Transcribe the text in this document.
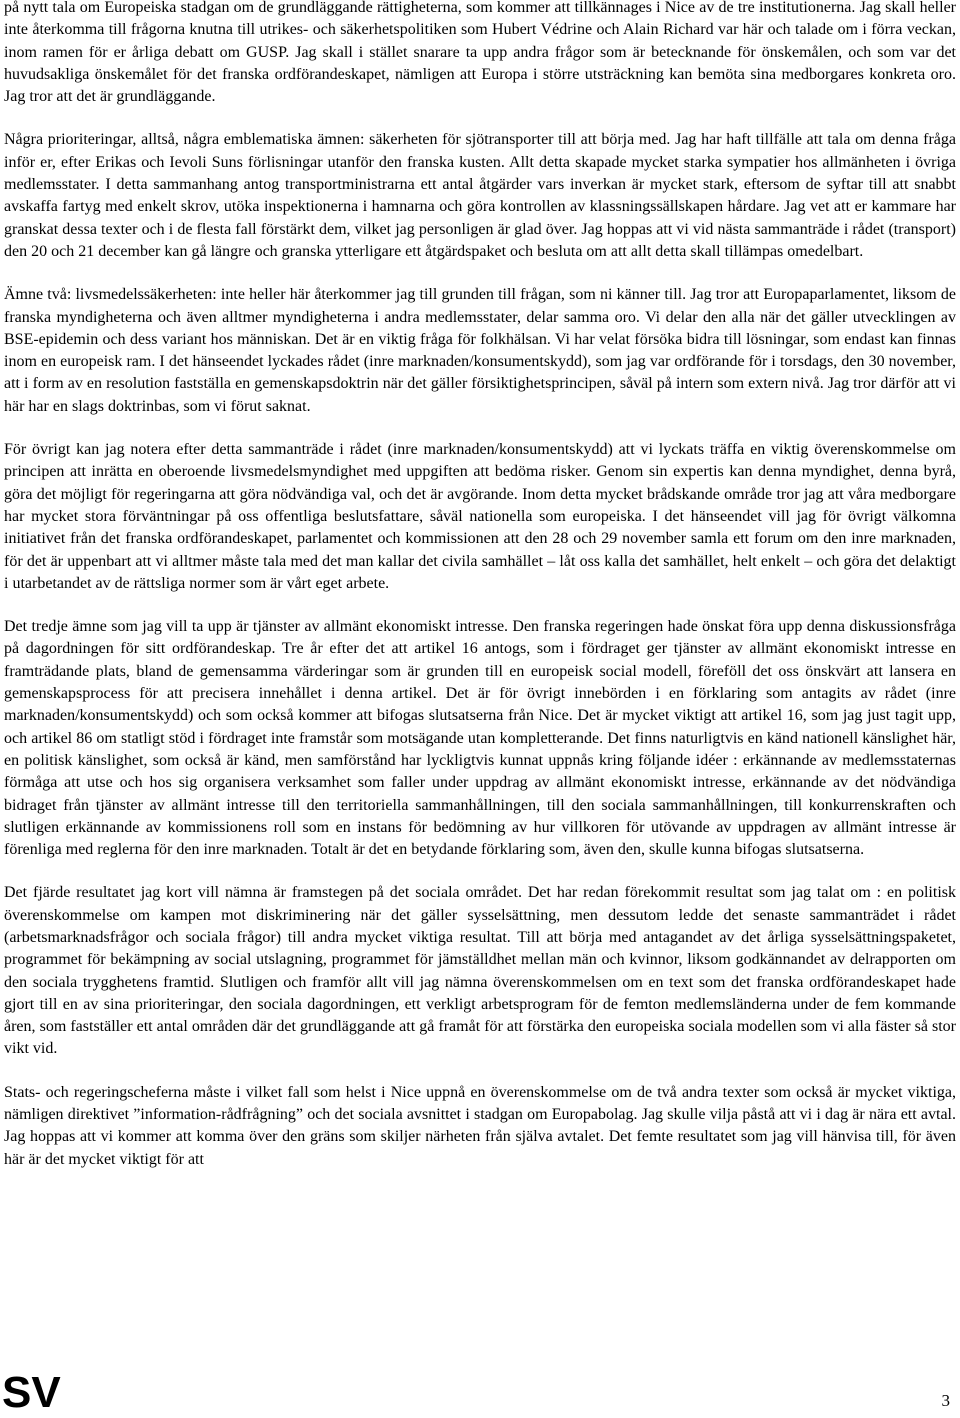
på nytt tala om Europeiska stadgan om de grundläggande rättigheterna, som kommer att tillkännages i Nice av de tre institutionerna. Jag skall heller inte återkomma till frågorna knutna till utrikes- och säkerhetspolitiken som Hubert Védrine och Alain Richard var här och talade om i förra veckan, inom ramen för er årliga debatt om GUSP. Jag skall i stället snarare ta upp andra frågor som är betecknande för önskemålen, och som var det huvudsakliga önskemålet för det franska ordförandeskapet, nämligen att Europa i större utsträckning kan bemöta sina medborgares konkreta oro. Jag tror att det är grundläggande.

Några prioriteringar, alltså, några emblematiska ämnen: säkerheten för sjötransporter till att börja med. Jag har haft tillfälle att tala om denna fråga inför er, efter Erikas och Ievoli Suns förlisningar utanför den franska kusten. Allt detta skapade mycket starka sympatier hos allmänheten i övriga medlemsstater. I detta sammanhang antog transportministrarna ett antal åtgärder vars inverkan är mycket stark, eftersom de syftar till att snabbt avskaffa fartyg med enkelt skrov, utöka inspektionerna i hamnarna och göra kontrollen av klassningssällskapen hårdare. Jag vet att er kammare har granskat dessa texter och i de flesta fall förstärkt dem, vilket jag personligen är glad över. Jag hoppas att vi vid nästa sammanträde i rådet (transport) den 20 och 21 december kan gå längre och granska ytterligare ett åtgärdspaket och besluta om att allt detta skall tillämpas omedelbart.

Ämne två: livsmedelssäkerheten: inte heller här återkommer jag till grunden till frågan, som ni känner till. Jag tror att Europaparlamentet, liksom de franska myndigheterna och även alltmer myndigheterna i andra medlemsstater, delar samma oro. Vi delar den alla när det gäller utvecklingen av BSE-epidemin och dess variant hos människan. Det är en viktig fråga för folkhälsan. Vi har velat försöka bidra till lösningar, som endast kan finnas inom en europeisk ram. I det hänseendet lyckades rådet (inre marknaden/konsumentskydd), som jag var ordförande för i torsdags, den 30 november, att i form av en resolution fastställa en gemenskapsdoktrin när det gäller försiktighetsprincipen, såväl på intern som extern nivå. Jag tror därför att vi här har en slags doktrinbas, som vi förut saknat.

För övrigt kan jag notera efter detta sammanträde i rådet (inre marknaden/konsumentskydd) att vi lyckats träffa en viktig överenskommelse om principen att inrätta en oberoende livsmedelsmyndighet med uppgiften att bedöma risker. Genom sin expertis kan denna myndighet, denna byrå, göra det möjligt för regeringarna att göra nödvändiga val, och det är avgörande. Inom detta mycket brådskande område tror jag att våra medborgare har mycket stora förväntningar på oss offentliga beslutsfattare, såväl nationella som europeiska. I det hänseendet vill jag för övrigt välkomna initiativet från det franska ordförandeskapet, parlamentet och kommissionen att den 28 och 29 november samla ett forum om den inre marknaden, för det är uppenbart att vi alltmer måste tala med det man kallar det civila samhället – låt oss kalla det samhället, helt enkelt – och göra det delaktigt i utarbetandet av de rättsliga normer som är vårt eget arbete.

Det tredje ämne som jag vill ta upp är tjänster av allmänt ekonomiskt intresse. Den franska regeringen hade önskat föra upp denna diskussionsfråga på dagordningen för sitt ordförandeskap. Tre år efter det att artikel 16 antogs, som i fördraget ger tjänster av allmänt ekonomiskt intresse en framträdande plats, bland de gemensamma värderingar som är grunden till en europeisk social modell, föreföll det oss önskvärt att lansera en gemenskapsprocess för att precisera innehållet i denna artikel. Det är för övrigt innebörden i en förklaring som antagits av rådet (inre marknaden/konsumentskydd) och som också kommer att bifogas slutsatserna från Nice. Det är mycket viktigt att artikel 16, som jag just tagit upp, och artikel 86 om statligt stöd i fördraget inte framstår som motsägande utan kompletterande. Det finns naturligtvis en känd nationell känslighet här, en politisk känslighet, som också är känd, men samförstånd har lyckligtvis kunnat uppnås kring följande idéer : erkännande av medlemsstaternas förmåga att utse och hos sig organisera verksamhet som faller under uppdrag av allmänt ekonomiskt intresse, erkännande av det nödvändiga bidraget från tjänster av allmänt intresse till den territoriella sammanhållningen, till den sociala sammanhållningen, till konkurrenskraften och slutligen erkännande av kommissionens roll som en instans för bedömning av hur villkoren för utövande av uppdragen av allmänt intresse är förenliga med reglerna för den inre marknaden. Totalt är det en betydande förklaring som, även den, skulle kunna bifogas slutsatserna.

Det fjärde resultatet jag kort vill nämna är framstegen på det sociala området. Det har redan förekommit resultat som jag talat om : en politisk överenskommelse om kampen mot diskriminering när det gäller sysselsättning, men dessutom ledde det senaste sammanträdet i rådet (arbetsmarknadsfrågor och sociala frågor) till andra mycket viktiga resultat. Till att börja med antagandet av det årliga sysselsättningspaketet, programmet för bekämpning av social utslagning, programmet för jämställdhet mellan män och kvinnor, liksom godkännandet av delrapporten om den sociala trygghetens framtid. Slutligen och framför allt vill jag nämna överenskommelsen om en text som det franska ordförandeskapet hade gjort till en av sina prioriteringar, den sociala dagordningen, ett verkligt arbetsprogram för de femton medlemsländerna under de fem kommande åren, som fastställer ett antal områden där det grundläggande att gå framåt för att förstärka den europeiska sociala modellen som vi alla fäster så stor vikt vid.

Stats- och regeringscheferna måste i vilket fall som helst i Nice uppnå en överenskommelse om de två andra texter som också är mycket viktiga, nämligen direktivet ”information-rådfrågning” och det sociala avsnittet i stadgan om Europabolag. Jag skulle vilja påstå att vi i dag är nära ett avtal. Jag hoppas att vi kommer att komma över den gräns som skiljer närheten från själva avtalet. Det femte resultatet som jag vill hänvisa till, för även här är det mycket viktigt för att

SV	3
